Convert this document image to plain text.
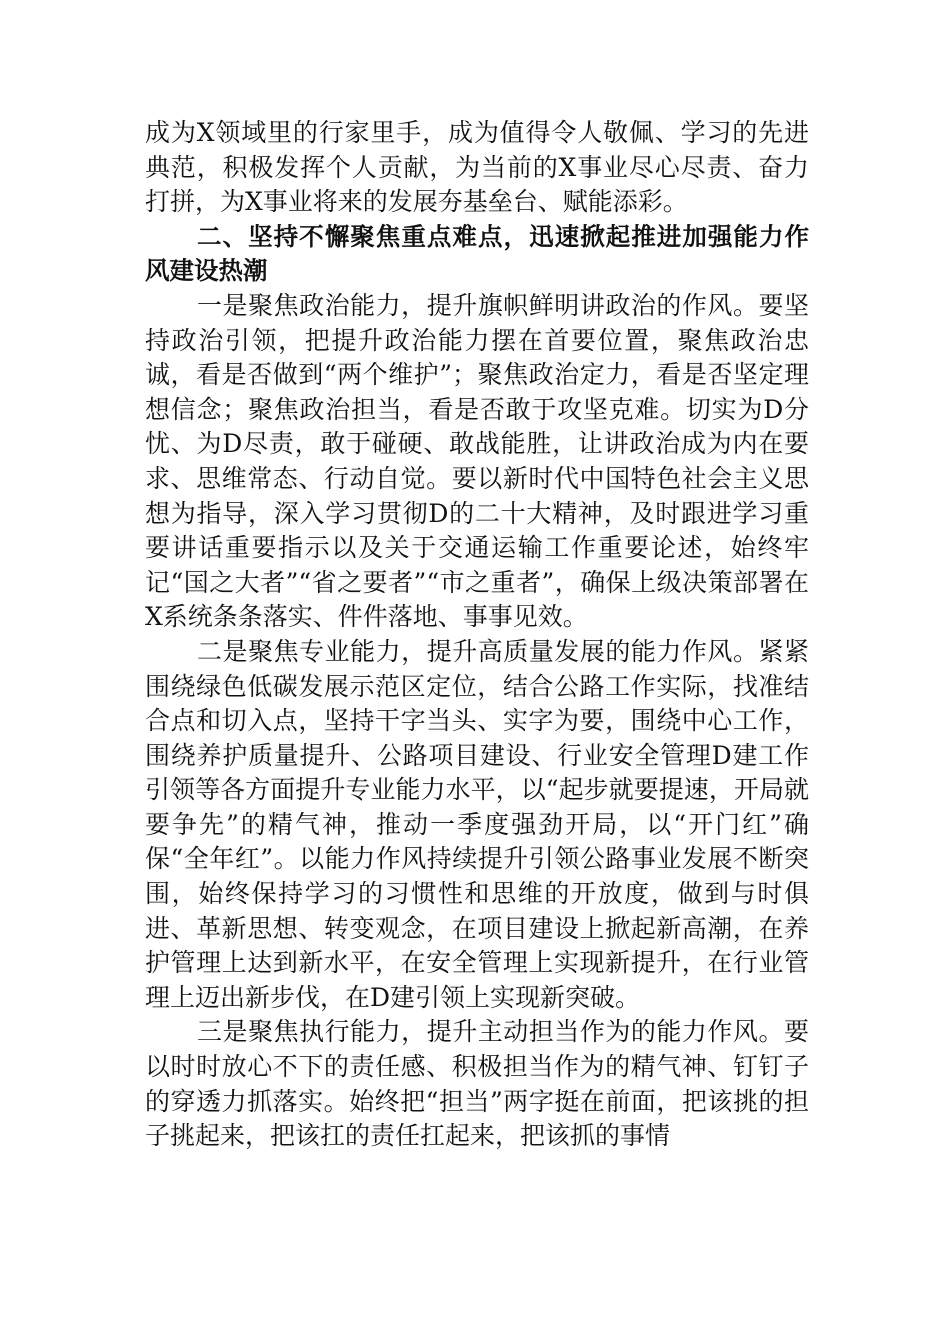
成为X领域里的行家里手，成为值得令人敬佩、学习的先进典范，积极发挥个人贡献，为当前的X事业尽心尽责、奋力打拼，为X事业将来的发展夯基垒台、赋能添彩。

二、坚持不懈聚焦重点难点，迅速掀起推进加强能力作风建设热潮

一是聚焦政治能力，提升旗帜鲜明讲政治的作风。要坚持政治引领，把提升政治能力摆在首要位置，聚焦政治忠诚，看是否做到“两个维护”；聚焦政治定力，看是否坚定理想信念；聚焦政治担当，看是否敢于攻坚克难。切实为D分忧、为D尽责，敢于碰硬、敢战能胜，让讲政治成为内在要求、思维常态、行动自觉。要以新时代中国特色社会主义思想为指导，深入学习贯彻D的二十大精神，及时跟进学习重要讲话重要指示以及关于交通运输工作重要论述，始终牢记“国之大者”“省之要者”“市之重者”，确保上级决策部署在X系统条条落实、件件落地、事事见效。

二是聚焦专业能力，提升高质量发展的能力作风。紧紧围绕绿色低碳发展示范区定位，结合公路工作实际，找准结合点和切入点，坚持干字当头、实字为要，围绕中心工作，围绕养护质量提升、公路项目建设、行业安全管理D建工作引领等各方面提升专业能力水平，以“起步就要提速，开局就要争先”的精气神，推动一季度强劲开局，以“开门红”确保“全年红”。以能力作风持续提升引领公路事业发展不断突围，始终保持学习的习惯性和思维的开放度，做到与时俱进、革新思想、转变观念，在项目建设上掀起新高潮，在养护管理上达到新水平，在安全管理上实现新提升，在行业管理上迈出新步伐，在D建引领上实现新突破。

三是聚焦执行能力，提升主动担当作为的能力作风。要以时时放心不下的责任感、积极担当作为的精气神、钉钉子的穿透力抓落实。始终把“担当”两字挺在前面，把该挑的担子挑起来，把该扛的责任扛起来，把该抓的事情
